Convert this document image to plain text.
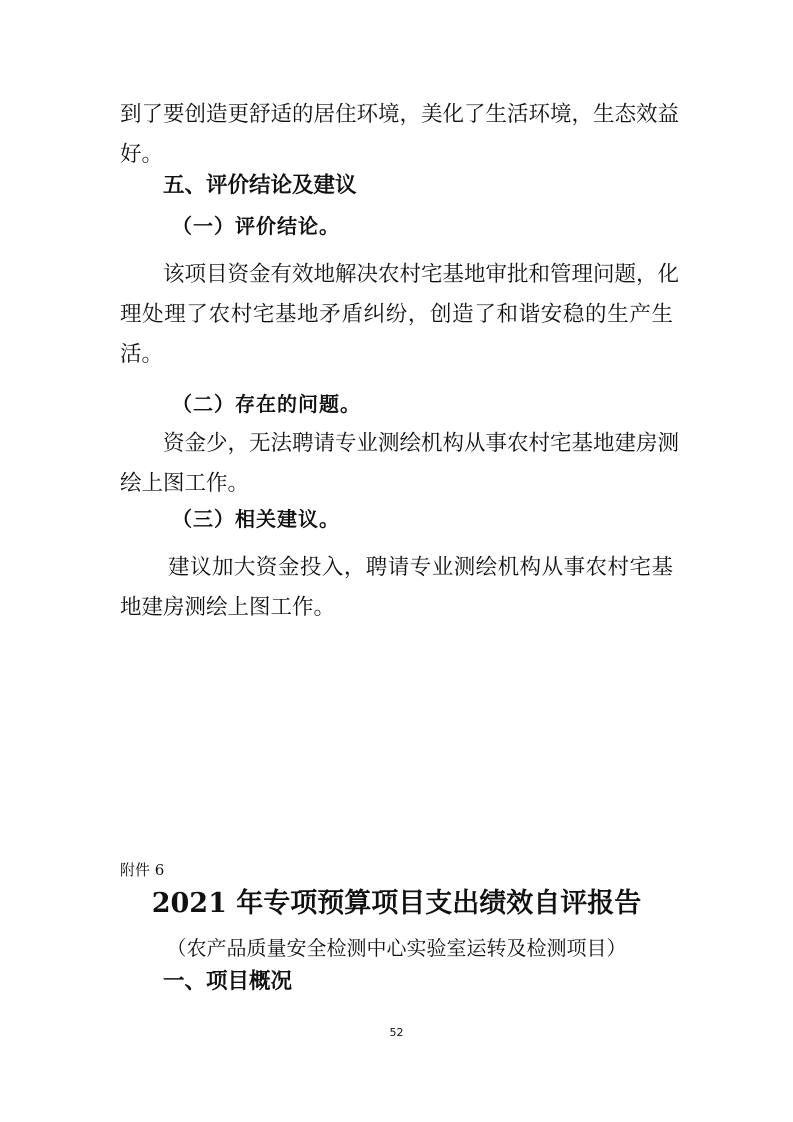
到了要创造更舒适的居住环境，美化了生活环境，生态效益
好。
五、评价结论及建议
（一）评价结论。
该项目资金有效地解决农村宅基地审批和管理问题，化
理处理了农村宅基地矛盾纠纷，创造了和谐安稳的生产生
活。
（二）存在的问题。
资金少，无法聘请专业测绘机构从事农村宅基地建房测
绘上图工作。
（三）相关建议。
建议加大资金投入，聘请专业测绘机构从事农村宅基
地建房测绘上图工作。
附件 6
2021 年专项预算项目支出绩效自评报告
（农产品质量安全检测中心实验室运转及检测项目）
一、项目概况
52
